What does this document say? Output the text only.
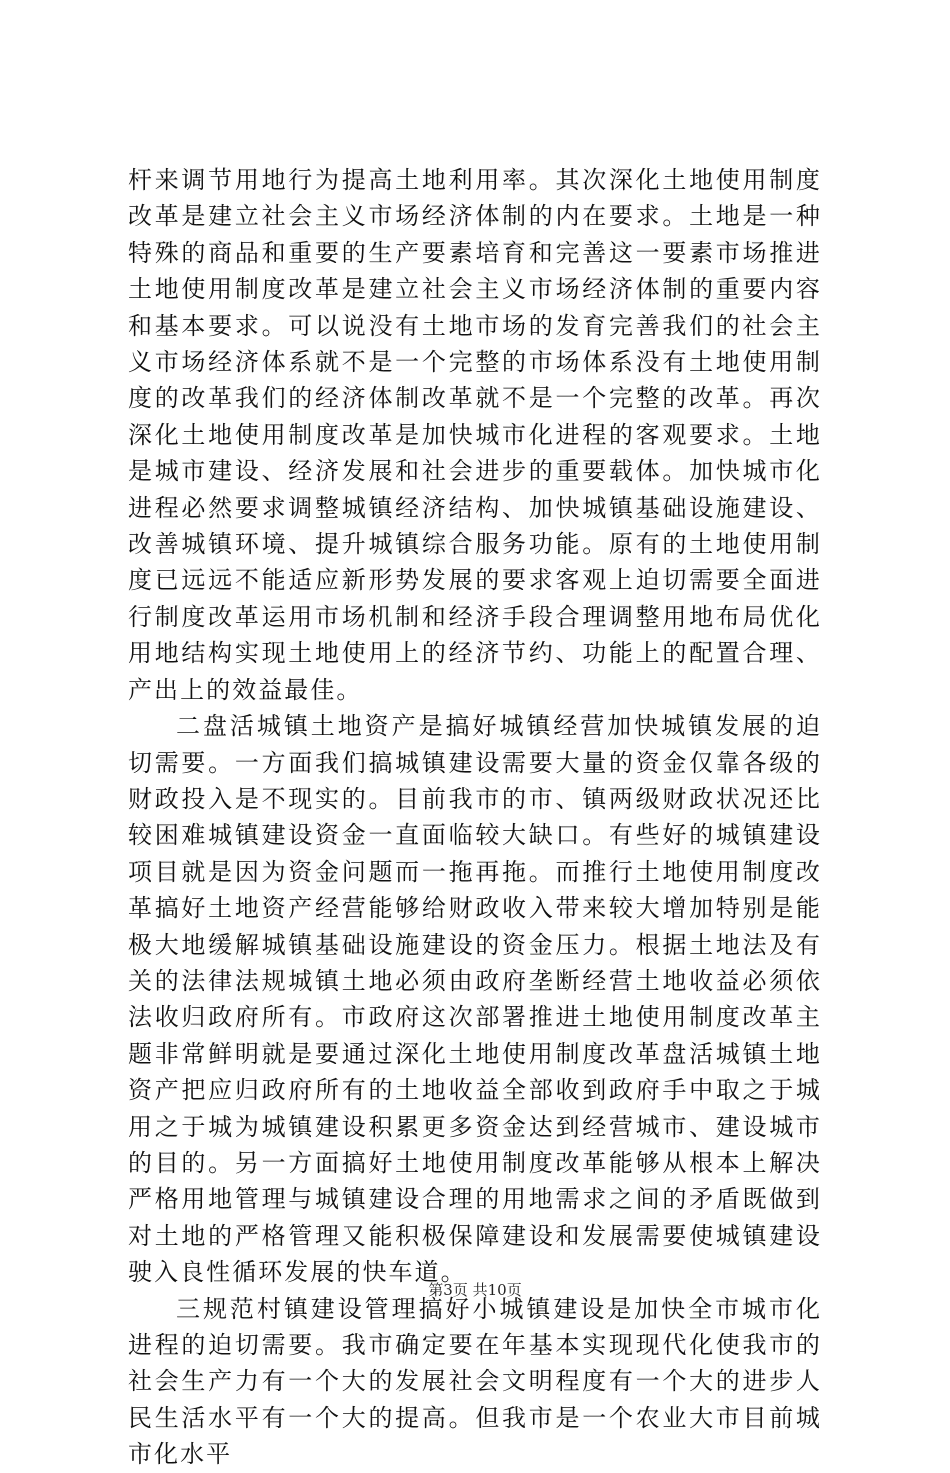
杆来调节用地行为提高土地利用率。其次深化土地使用制度改革是建立社会主义市场经济体制的内在要求。土地是一种特殊的商品和重要的生产要素培育和完善这一要素市场推进土地使用制度改革是建立社会主义市场经济体制的重要内容和基本要求。可以说没有土地市场的发育完善我们的社会主义市场经济体系就不是一个完整的市场体系没有土地使用制度的改革我们的经济体制改革就不是一个完整的改革。再次深化土地使用制度改革是加快城市化进程的客观要求。土地是城市建设、经济发展和社会进步的重要载体。加快城市化进程必然要求调整城镇经济结构、加快城镇基础设施建设、改善城镇环境、提升城镇综合服务功能。原有的土地使用制度已远远不能适应新形势发展的要求客观上迫切需要全面进行制度改革运用市场机制和经济手段合理调整用地布局优化用地结构实现土地使用上的经济节约、功能上的配置合理、产出上的效益最佳。

二盘活城镇土地资产是搞好城镇经营加快城镇发展的迫切需要。一方面我们搞城镇建设需要大量的资金仅靠各级的财政投入是不现实的。目前我市的市、镇两级财政状况还比较困难城镇建设资金一直面临较大缺口。有些好的城镇建设项目就是因为资金问题而一拖再拖。而推行土地使用制度改革搞好土地资产经营能够给财政收入带来较大增加特别是能极大地缓解城镇基础设施建设的资金压力。根据土地法及有关的法律法规城镇土地必须由政府垄断经营土地收益必须依法收归政府所有。市政府这次部署推进土地使用制度改革主题非常鲜明就是要通过深化土地使用制度改革盘活城镇土地资产把应归政府所有的土地收益全部收到政府手中取之于城用之于城为城镇建设积累更多资金达到经营城市、建设城市的目的。另一方面搞好土地使用制度改革能够从根本上解决严格用地管理与城镇建设合理的用地需求之间的矛盾既做到对土地的严格管理又能积极保障建设和发展需要使城镇建设驶入良性循环发展的快车道。

三规范村镇建设管理搞好小城镇建设是加快全市城市化进程的迫切需要。我市确定要在年基本实现现代化使我市的社会生产力有一个大的发展社会文明程度有一个大的进步人民生活水平有一个大的提高。但我市是一个农业大市目前城市化水平

第3页 共10页
